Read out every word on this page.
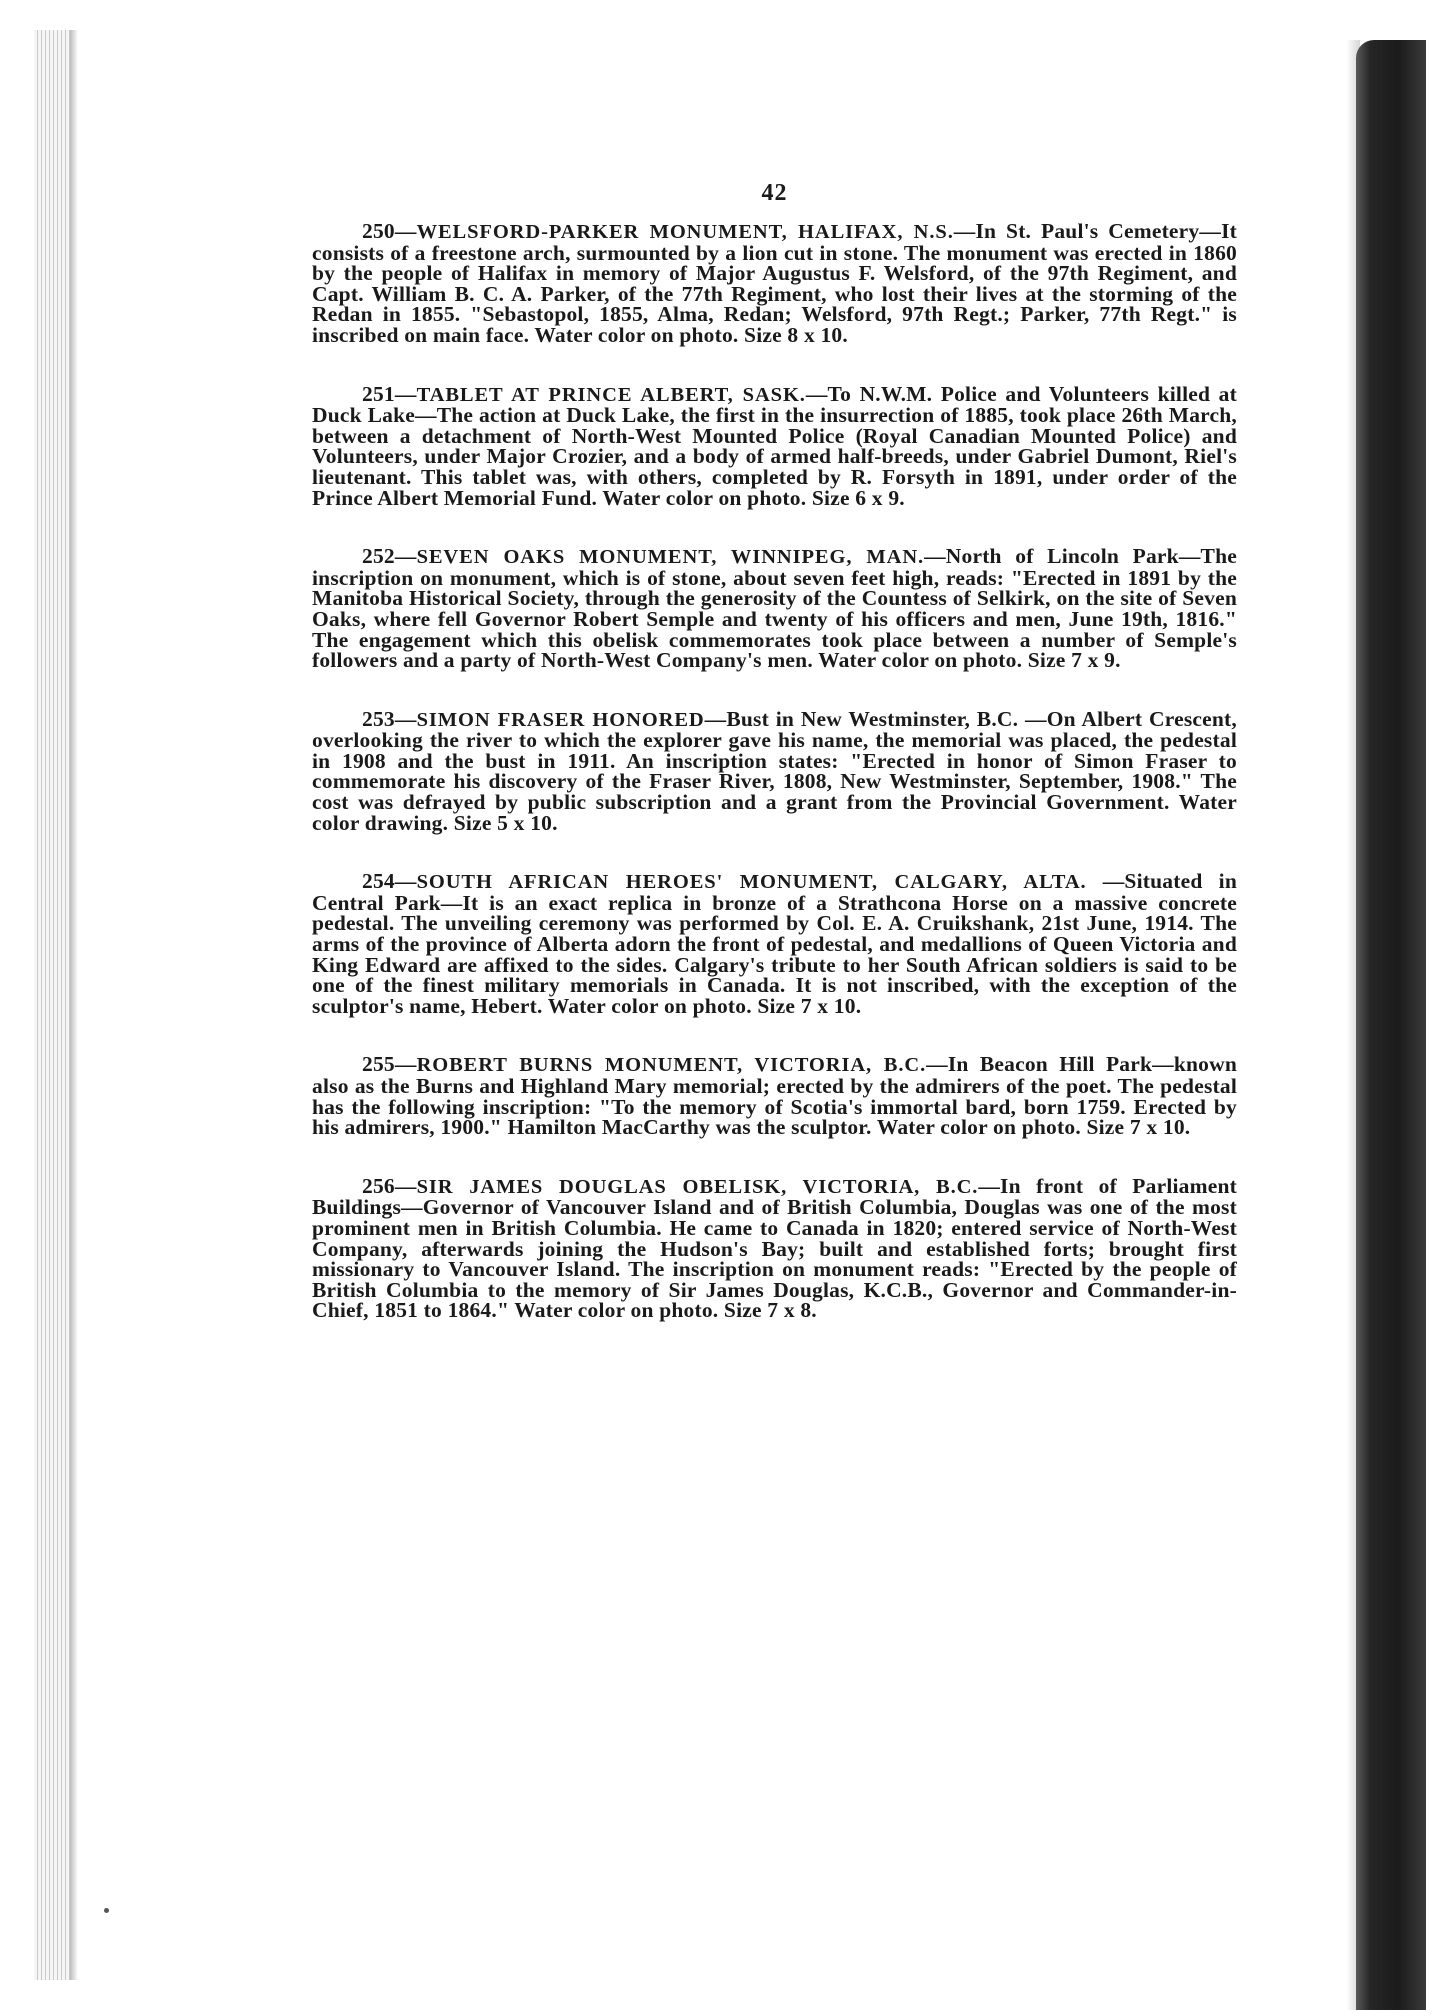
42
250—WELSFORD-PARKER MONUMENT, HALIFAX, N.S.—In St. Paul's Cemetery—It consists of a freestone arch, surmounted by a lion cut in stone. The monument was erected in 1860 by the people of Halifax in memory of Major Augustus F. Welsford, of the 97th Regiment, and Capt. William B. C. A. Parker, of the 77th Regiment, who lost their lives at the storming of the Redan in 1855. "Sebastopol, 1855, Alma, Redan; Welsford, 97th Regt.; Parker, 77th Regt." is inscribed on main face. Water color on photo. Size 8 x 10.
251—TABLET AT PRINCE ALBERT, SASK.—To N.W.M. Police and Volunteers killed at Duck Lake—The action at Duck Lake, the first in the insurrection of 1885, took place 26th March, between a detachment of North-West Mounted Police (Royal Canadian Mounted Police) and Volunteers, under Major Crozier, and a body of armed half-breeds, under Gabriel Dumont, Riel's lieutenant. This tablet was, with others, completed by R. Forsyth in 1891, under order of the Prince Albert Memorial Fund. Water color on photo. Size 6 x 9.
252—SEVEN OAKS MONUMENT, WINNIPEG, MAN.—North of Lincoln Park—The inscription on monument, which is of stone, about seven feet high, reads: "Erected in 1891 by the Manitoba Historical Society, through the generosity of the Countess of Selkirk, on the site of Seven Oaks, where fell Governor Robert Semple and twenty of his officers and men, June 19th, 1816." The engagement which this obelisk commemorates took place between a number of Semple's followers and a party of North-West Company's men. Water color on photo. Size 7 x 9.
253—SIMON FRASER HONORED—Bust in New Westminster, B.C. —On Albert Crescent, overlooking the river to which the explorer gave his name, the memorial was placed, the pedestal in 1908 and the bust in 1911. An inscription states: "Erected in honor of Simon Fraser to commemorate his discovery of the Fraser River, 1808, New Westminster, September, 1908." The cost was defrayed by public subscription and a grant from the Provincial Government. Water color drawing. Size 5 x 10.
254—SOUTH AFRICAN HEROES' MONUMENT, CALGARY, ALTA. —Situated in Central Park—It is an exact replica in bronze of a Strathcona Horse on a massive concrete pedestal. The unveiling ceremony was performed by Col. E. A. Cruikshank, 21st June, 1914. The arms of the province of Alberta adorn the front of pedestal, and medallions of Queen Victoria and King Edward are affixed to the sides. Calgary's tribute to her South African soldiers is said to be one of the finest military memorials in Canada. It is not inscribed, with the exception of the sculptor's name, Hebert. Water color on photo. Size 7 x 10.
255—ROBERT BURNS MONUMENT, VICTORIA, B.C.—In Beacon Hill Park—known also as the Burns and Highland Mary memorial; erected by the admirers of the poet. The pedestal has the following inscription: "To the memory of Scotia's immortal bard, born 1759. Erected by his admirers, 1900." Hamilton MacCarthy was the sculptor. Water color on photo. Size 7 x 10.
256—SIR JAMES DOUGLAS OBELISK, VICTORIA, B.C.—In front of Parliament Buildings—Governor of Vancouver Island and of British Columbia, Douglas was one of the most prominent men in British Columbia. He came to Canada in 1820; entered service of North-West Company, afterwards joining the Hudson's Bay; built and established forts; brought first missionary to Vancouver Island. The inscription on monument reads: "Erected by the people of British Columbia to the memory of Sir James Douglas, K.C.B., Governor and Commander-in-Chief, 1851 to 1864." Water color on photo. Size 7 x 8.
